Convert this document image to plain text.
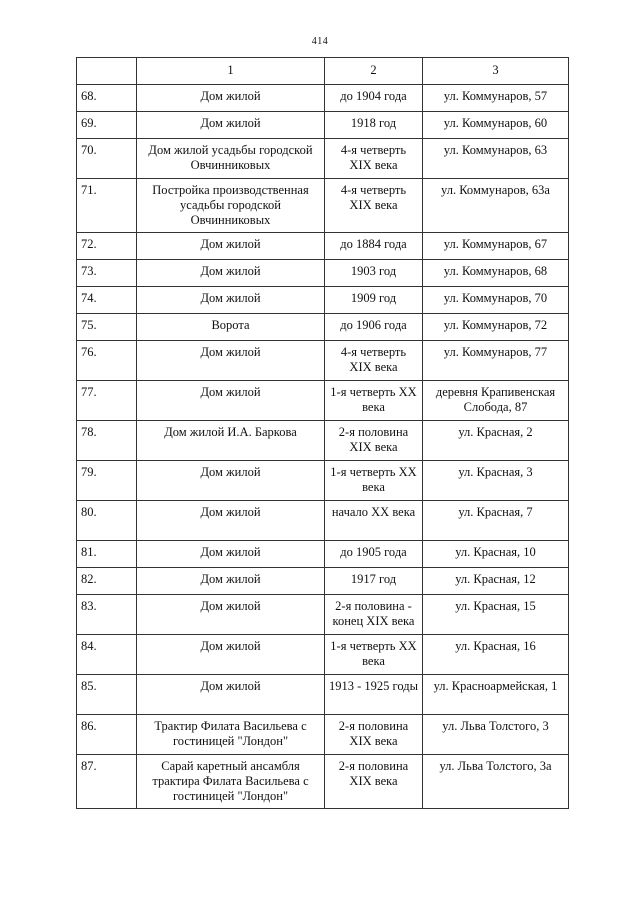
414
	1	2	3
68.	Дом жилой	до 1904 года	ул. Коммунаров, 57
69.	Дом жилой	1918 год	ул. Коммунаров, 60
70.	Дом жилой усадьбы городской Овчинниковых	4-я четверть XIX века	ул. Коммунаров, 63
71.	Постройка производственная усадьбы городской Овчинниковых	4-я четверть XIX века	ул. Коммунаров, 63а
72.	Дом жилой	до 1884 года	ул. Коммунаров, 67
73.	Дом жилой	1903 год	ул. Коммунаров, 68
74.	Дом жилой	1909 год	ул. Коммунаров, 70
75.	Ворота	до 1906 года	ул. Коммунаров, 72
76.	Дом жилой	4-я четверть XIX века	ул. Коммунаров, 77
77.	Дом жилой	1-я четверть XX века	деревня Крапивенская Слобода, 87
78.	Дом жилой И.А. Баркова	2-я половина XIX века	ул. Красная, 2
79.	Дом жилой	1-я четверть XX века	ул. Красная, 3
80.	Дом жилой	начало XX века	ул. Красная, 7
81.	Дом жилой	до 1905 года	ул. Красная, 10
82.	Дом жилой	1917 год	ул. Красная, 12
83.	Дом жилой	2-я половина - конец XIX века	ул. Красная, 15
84.	Дом жилой	1-я четверть XX века	ул. Красная, 16
85.	Дом жилой	1913 - 1925 годы	ул. Красноармейская, 1
86.	Трактир Филата Васильева с гостиницей "Лондон"	2-я половина XIX века	ул. Льва Толстого, 3
87.	Сарай каретный ансамбля трактира Филата Васильева с гостиницей "Лондон"	2-я половина XIX века	ул. Льва Толстого, 3а
